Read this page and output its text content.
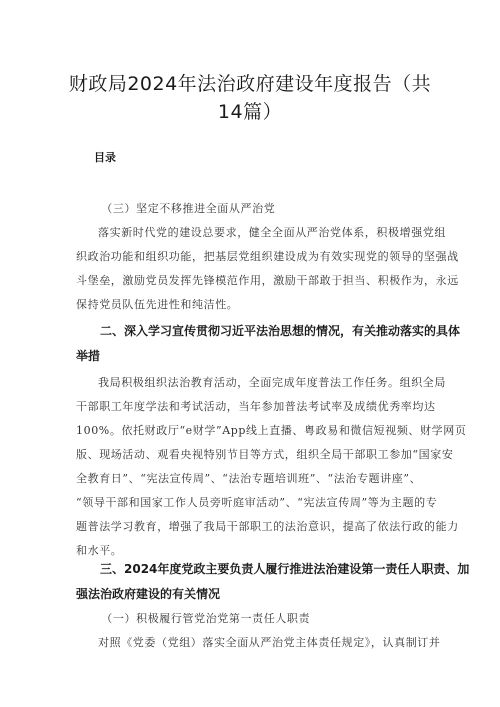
财政局2024年法治政府建设年度报告（共
14篇）
目录
（三）坚定不移推进全面从严治党
落实新时代党的建设总要求，健全全面从严治党体系，积极增强党组
织政治功能和组织功能，把基层党组织建设成为有效实现党的领导的坚强战
斗堡垒，激励党员发挥先锋模范作用，激励干部敢于担当、积极作为，永远
保持党员队伍先进性和纯洁性。
二、深入学习宣传贯彻习近平法治思想的情况，有关推动落实的具体
举措
我局积极组织法治教育活动，全面完成年度普法工作任务。组织全局
干部职工年度学法和考试活动，当年参加普法考试率及成绩优秀率均达
100%。依托财政厅“e财学”App线上直播、粤政易和微信短视频、财学网页
版、现场活动、观看央视特别节目等方式，组织全局干部职工参加“国家安
全教育日”、“宪法宣传周”、“法治专题培训班”、“法治专题讲座”、
“领导干部和国家工作人员旁听庭审活动”、“宪法宣传周”等为主题的专
题普法学习教育，增强了我局干部职工的法治意识，提高了依法行政的能力
和水平。
三、2024年度党政主要负责人履行推进法治建设第一责任人职责、加
强法治政府建设的有关情况
（一）积极履行管党治党第一责任人职责
对照《党委（党组）落实全面从严治党主体责任规定》，认真制订并
